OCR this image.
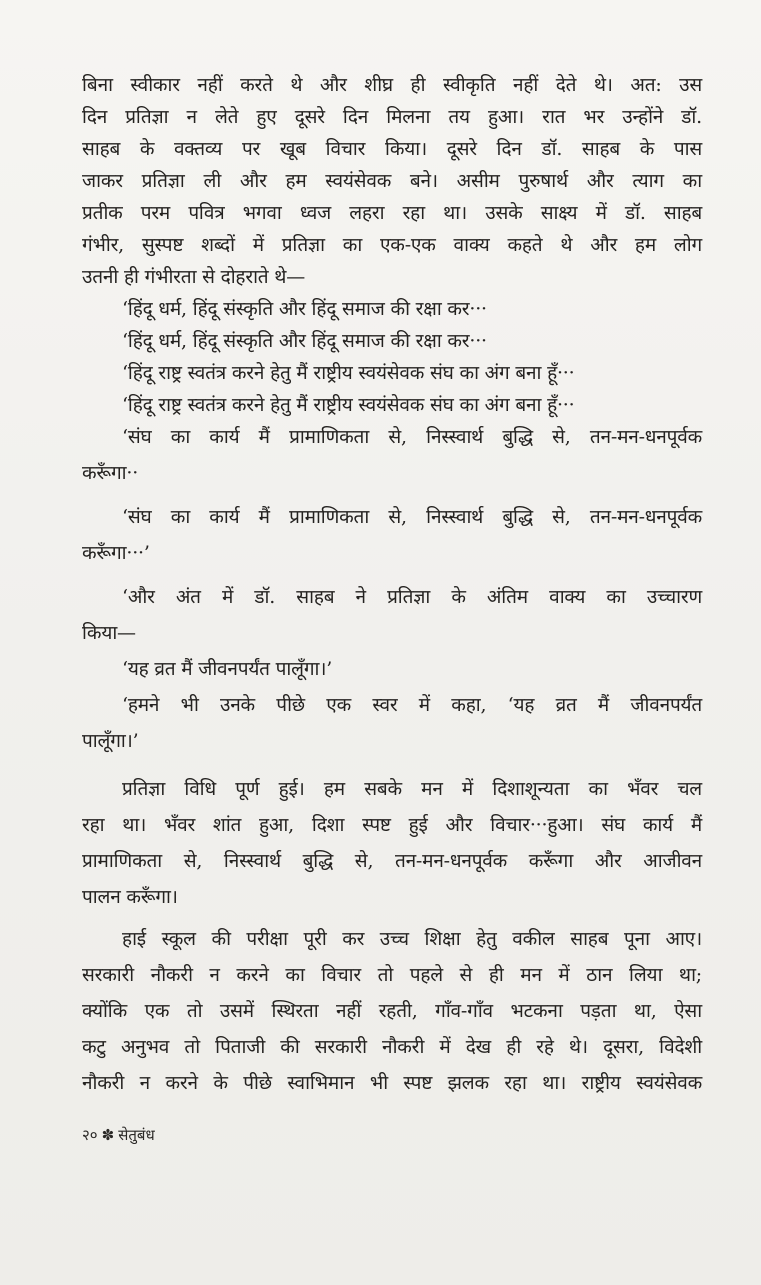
बिना स्वीकार नहीं करते थे और शीघ्र ही स्वीकृति नहीं देते थे। अत: उस
दिन प्रतिज्ञा न लेते हुए दूसरे दिन मिलना तय हुआ। रात भर उन्होंने डॉ.
साहब के वक्तव्य पर खूब विचार किया। दूसरे दिन डॉ. साहब के पास
जाकर प्रतिज्ञा ली और हम स्वयंसेवक बने। असीम पुरुषार्थ और त्याग का
प्रतीक परम पवित्र भगवा ध्वज लहरा रहा था। उसके साक्ष्य में डॉ. साहब
गंभीर, सुस्पष्ट शब्दों में प्रतिज्ञा का एक-एक वाक्य कहते थे और हम लोग
उतनी ही गंभीरता से दोहराते थे—
‘हिंदू धर्म, हिंदू संस्कृति और हिंदू समाज की रक्षा कर···
‘हिंदू धर्म, हिंदू संस्कृति और हिंदू समाज की रक्षा कर···
‘हिंदू राष्ट्र स्वतंत्र करने हेतु मैं राष्ट्रीय स्वयंसेवक संघ का अंग बना हूँ···
‘हिंदू राष्ट्र स्वतंत्र करने हेतु मैं राष्ट्रीय स्वयंसेवक संघ का अंग बना हूँ···
‘संघ का कार्य मैं प्रामाणिकता से, निस्स्वार्थ बुद्धि से, तन-मन-धनपूर्वक
करूँगा··
‘संघ का कार्य मैं प्रामाणिकता से, निस्स्वार्थ बुद्धि से, तन-मन-धनपूर्वक
करूँगा···’
‘और अंत में डॉ. साहब ने प्रतिज्ञा के अंतिम वाक्य का उच्चारण
किया—
‘यह व्रत मैं जीवनपर्यंत पालूँगा।’
‘हमने भी उनके पीछे एक स्वर में कहा, ‘यह व्रत मैं जीवनपर्यंत
पालूँगा।’
प्रतिज्ञा विधि पूर्ण हुई। हम सबके मन में दिशाशून्यता का भँवर चल
रहा था। भँवर शांत हुआ, दिशा स्पष्ट हुई और विचार···हुआ। संघ कार्य मैं
प्रामाणिकता से, निस्स्वार्थ बुद्धि से, तन-मन-धनपूर्वक करूँगा और आजीवन
पालन करूँगा।
हाई स्कूल की परीक्षा पूरी कर उच्च शिक्षा हेतु वकील साहब पूना आए।
सरकारी नौकरी न करने का विचार तो पहले से ही मन में ठान लिया था;
क्योंकि एक तो उसमें स्थिरता नहीं रहती, गाँव-गाँव भटकना पड़ता था, ऐसा
कटु अनुभव तो पिताजी की सरकारी नौकरी में देख ही रहे थे। दूसरा, विदेशी
नौकरी न करने के पीछे स्वाभिमान भी स्पष्ट झलक रहा था। राष्ट्रीय स्वयंसेवक
२० ✽ सेतुबंध
